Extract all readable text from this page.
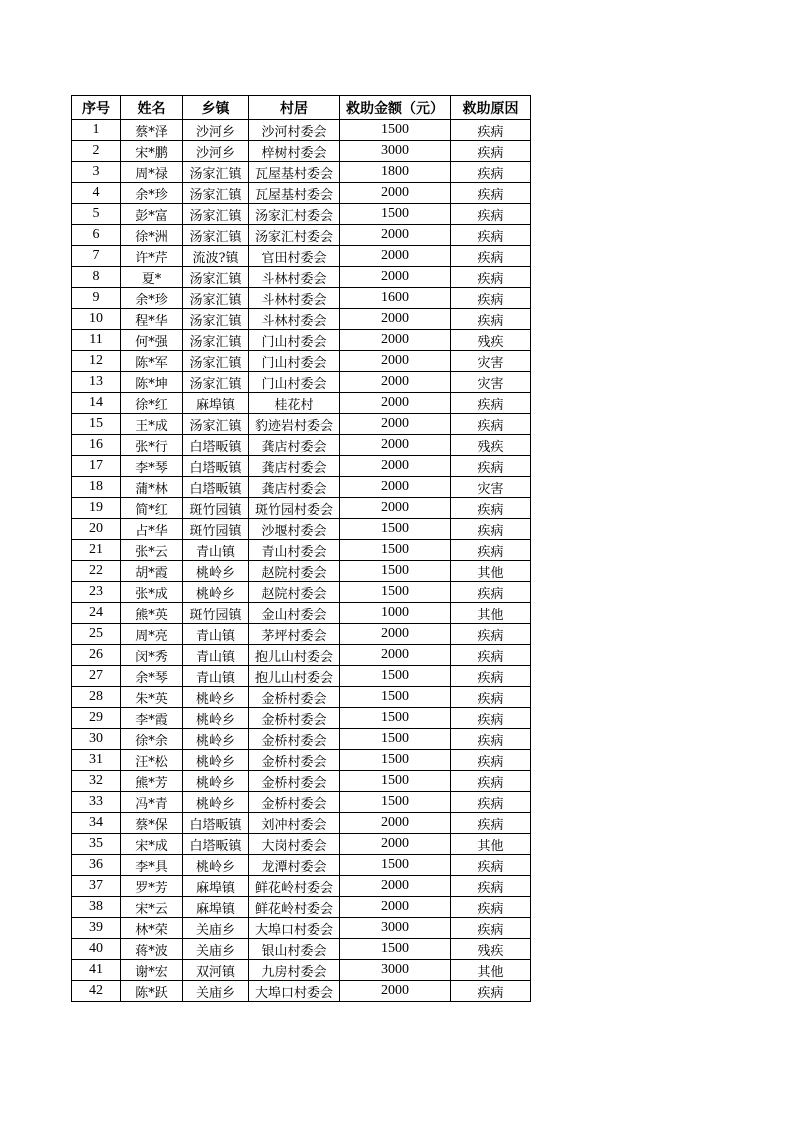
序号	姓名	乡镇	村居	救助金额（元）	救助原因
1	蔡*泽	沙河乡	沙河村委会	1500	疾病
2	宋*鹏	沙河乡	梓树村委会	3000	疾病
3	周*禄	汤家汇镇	瓦屋基村委会	1800	疾病
4	余*珍	汤家汇镇	瓦屋基村委会	2000	疾病
5	彭*富	汤家汇镇	汤家汇村委会	1500	疾病
6	徐*洲	汤家汇镇	汤家汇村委会	2000	疾病
7	许*芹	流波?镇	官田村委会	2000	疾病
8	夏*	汤家汇镇	斗林村委会	2000	疾病
9	余*珍	汤家汇镇	斗林村委会	1600	疾病
10	程*华	汤家汇镇	斗林村委会	2000	疾病
11	何*强	汤家汇镇	门山村委会	2000	残疾
12	陈*军	汤家汇镇	门山村委会	2000	灾害
13	陈*坤	汤家汇镇	门山村委会	2000	灾害
14	徐*红	麻埠镇	桂花村	2000	疾病
15	王*成	汤家汇镇	豹迹岩村委会	2000	疾病
16	张*行	白塔畈镇	龚店村委会	2000	残疾
17	李*琴	白塔畈镇	龚店村委会	2000	疾病
18	蒲*林	白塔畈镇	龚店村委会	2000	灾害
19	简*红	斑竹园镇	斑竹园村委会	2000	疾病
20	占*华	斑竹园镇	沙堰村委会	1500	疾病
21	张*云	青山镇	青山村委会	1500	疾病
22	胡*霞	桃岭乡	赵院村委会	1500	其他
23	张*成	桃岭乡	赵院村委会	1500	疾病
24	熊*英	斑竹园镇	金山村委会	1000	其他
25	周*亮	青山镇	茅坪村委会	2000	疾病
26	闵*秀	青山镇	抱儿山村委会	2000	疾病
27	余*琴	青山镇	抱儿山村委会	1500	疾病
28	朱*英	桃岭乡	金桥村委会	1500	疾病
29	李*霞	桃岭乡	金桥村委会	1500	疾病
30	徐*余	桃岭乡	金桥村委会	1500	疾病
31	汪*松	桃岭乡	金桥村委会	1500	疾病
32	熊*芳	桃岭乡	金桥村委会	1500	疾病
33	冯*青	桃岭乡	金桥村委会	1500	疾病
34	蔡*保	白塔畈镇	刘冲村委会	2000	疾病
35	宋*成	白塔畈镇	大岗村委会	2000	其他
36	李*具	桃岭乡	龙潭村委会	1500	疾病
37	罗*芳	麻埠镇	鲜花岭村委会	2000	疾病
38	宋*云	麻埠镇	鲜花岭村委会	2000	疾病
39	林*荣	关庙乡	大埠口村委会	3000	疾病
40	蒋*波	关庙乡	银山村委会	1500	残疾
41	谢*宏	双河镇	九房村委会	3000	其他
42	陈*跃	关庙乡	大埠口村委会	2000	疾病
